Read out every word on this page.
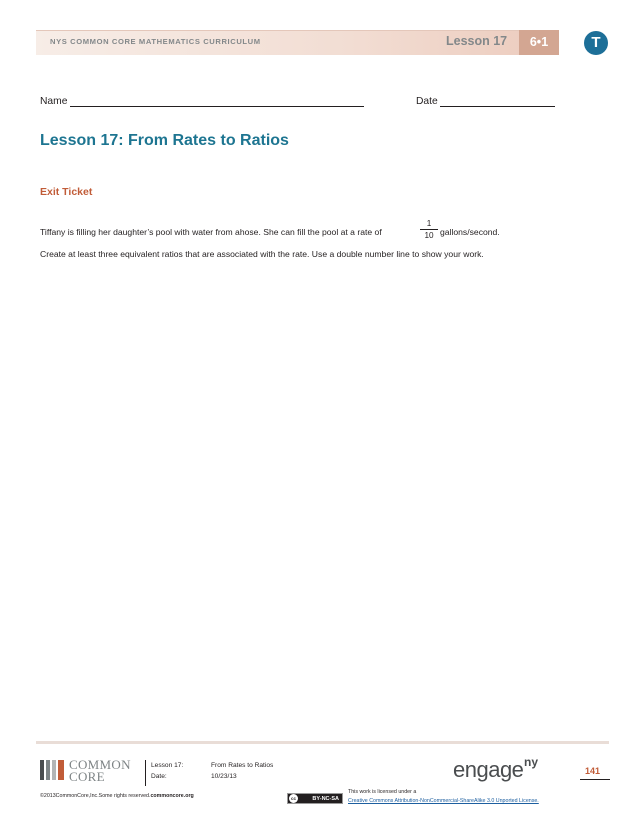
NYS COMMON CORE MATHEMATICS CURRICULUM	Lesson 17	6•1	T
Name	Date
Lesson 17: From Rates to Ratios
Exit Ticket
Tiffany is filling her daughter’s pool with water from ahose. She can fill the pool at a rate of
1
10 gallons/second.
Create at least three equivalent ratios that are associated with the rate. Use a double number line to show your work.
COMMON
CORE
Lesson 17:	From Rates to Ratios
Date:	10/23/13	engage ny
141
©2013CommonCore,Inc.Some rights reserved.commoncore.org	BY-NC-SA
cc
This work is licensed under a
Creative Commons Attribution-NonCommercial-ShareAlike 3.0 Unported License.
